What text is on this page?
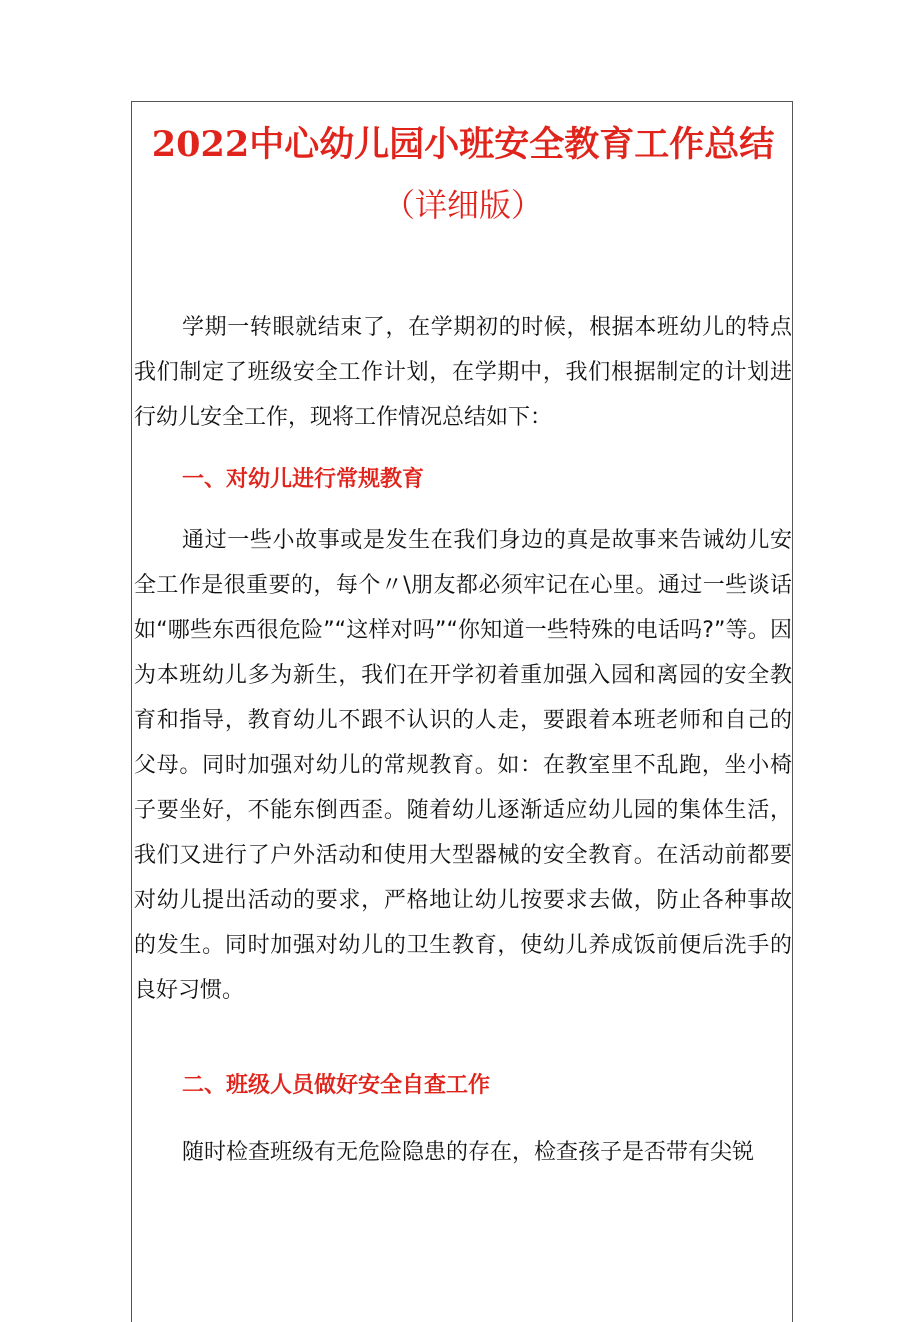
2022中心幼儿园小班安全教育工作总结
（详细版）

学期一转眼就结束了，在学期初的时候，根据本班幼儿的特点我们制定了班级安全工作计划，在学期中，我们根据制定的计划进行幼儿安全工作，现将工作情况总结如下：

一、对幼儿进行常规教育

通过一些小故事或是发生在我们身边的真是故事来告诫幼儿安全工作是很重要的，每个〃\朋友都必须牢记在心里。通过一些谈话如“哪些东西很危险”“这样对吗”“你知道一些特殊的电话吗?”等。因为本班幼儿多为新生，我们在开学初着重加强入园和离园的安全教育和指导，教育幼儿不跟不认识的人走，要跟着本班老师和自己的父母。同时加强对幼儿的常规教育。如：在教室里不乱跑，坐小椅子要坐好，不能东倒西歪。随着幼儿逐渐适应幼儿园的集体生活，我们又进行了户外活动和使用大型器械的安全教育。在活动前都要对幼儿提出活动的要求，严格地让幼儿按要求去做，防止各种事故的发生。同时加强对幼儿的卫生教育，使幼儿养成饭前便后洗手的良好习惯。

二、班级人员做好安全自查工作

随时检查班级有无危险隐患的存在，检查孩子是否带有尖锐
